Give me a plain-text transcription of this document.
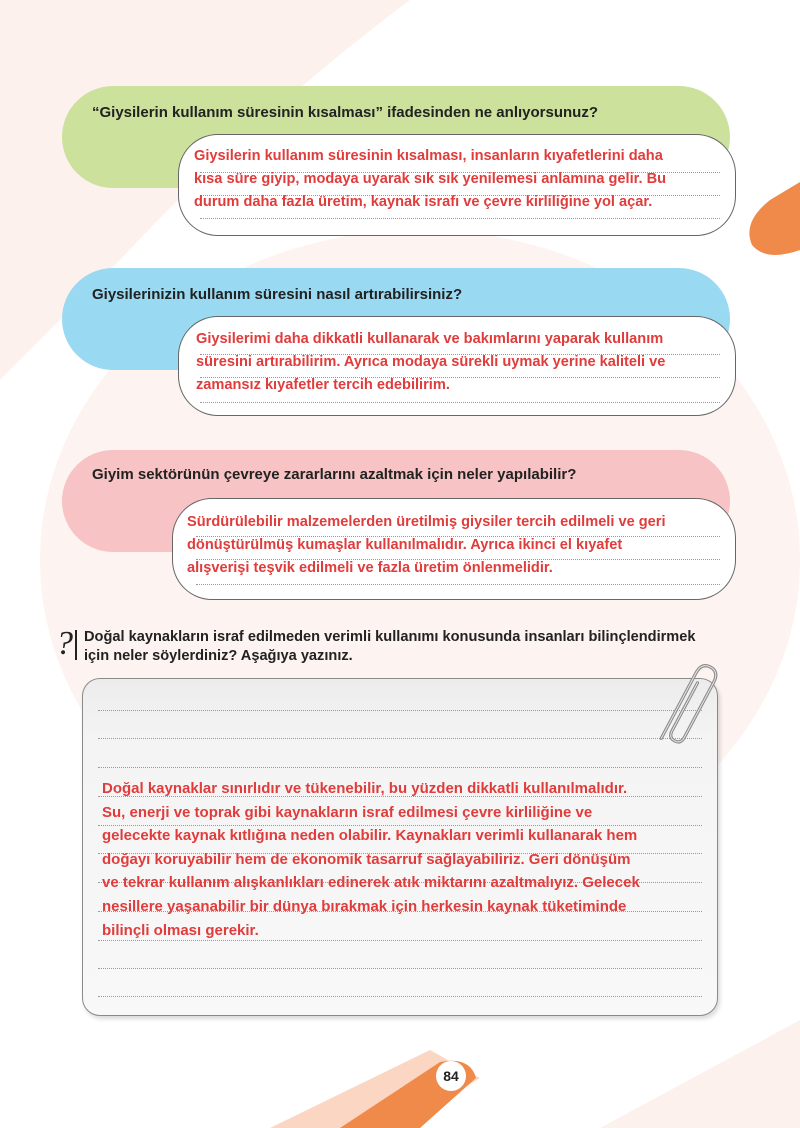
“Giysilerin kullanım süresinin kısalması” ifadesinden ne anlıyorsunuz?
Giysilerin kullanım süresinin kısalması, insanların kıyafetlerini daha
kısa süre giyip, modaya uyarak sık sık yenilemesi anlamına gelir. Bu
durum daha fazla üretim, kaynak israfı ve çevre kirliliğine yol açar.
Giysilerinizin kullanım süresini nasıl artırabilirsiniz?
Giysilerimi daha dikkatli kullanarak ve bakımlarını yaparak kullanım
süresini artırabilirim. Ayrıca modaya sürekli uymak yerine kaliteli ve
zamansız kıyafetler tercih edebilirim.
Giyim sektörünün çevreye zararlarını azaltmak için neler yapılabilir?
Sürdürülebilir malzemelerden üretilmiş giysiler tercih edilmeli ve geri
dönüştürülmüş kumaşlar kullanılmalıdır. Ayrıca ikinci el kıyafet
alışverişi teşvik edilmeli ve fazla üretim önlenmelidir.
? Doğal kaynakların israf edilmeden verimli kullanımı konusunda insanları bilinçlendirmek
için neler söylerdiniz? Aşağıya yazınız.
Doğal kaynaklar sınırlıdır ve tükenebilir, bu yüzden dikkatli kullanılmalıdır.
Su, enerji ve toprak gibi kaynakların israf edilmesi çevre kirliliğine ve
gelecekte kaynak kıtlığına neden olabilir. Kaynakları verimli kullanarak hem
doğayı koruyabilir hem de ekonomik tasarruf sağlayabiliriz. Geri dönüşüm
ve tekrar kullanım alışkanlıkları edinerek atık miktarını azaltmalıyız. Gelecek
nesillere yaşanabilir bir dünya bırakmak için herkesin kaynak tüketiminde
bilinçli olması gerekir.
84
